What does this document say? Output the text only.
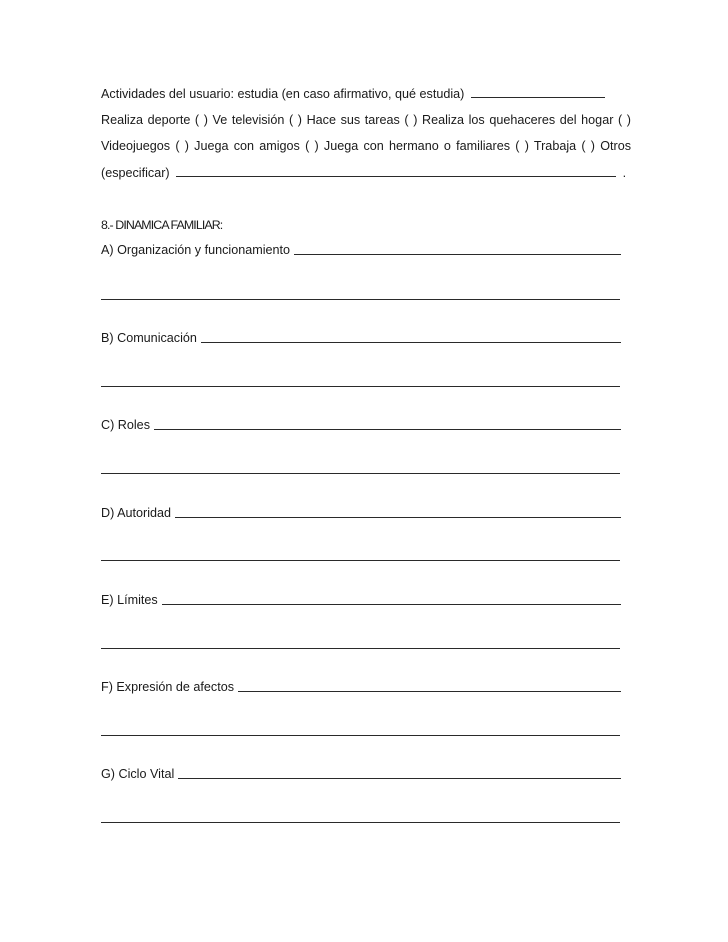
Actividades del usuario: estudia (en caso afirmativo, qué estudia)
Realiza deporte ( ) Ve televisión ( ) Hace sus tareas ( ) Realiza los quehaceres del hogar ( )
Videojuegos ( ) Juega con amigos ( ) Juega con hermano o familiares ( ) Trabaja ( ) Otros
(especificar)	.
8.- DINAMICA FAMILIAR:
A) Organización y funcionamiento
B) Comunicación
C) Roles
D) Autoridad
E) Límites
F) Expresión de afectos
G) Ciclo Vital
